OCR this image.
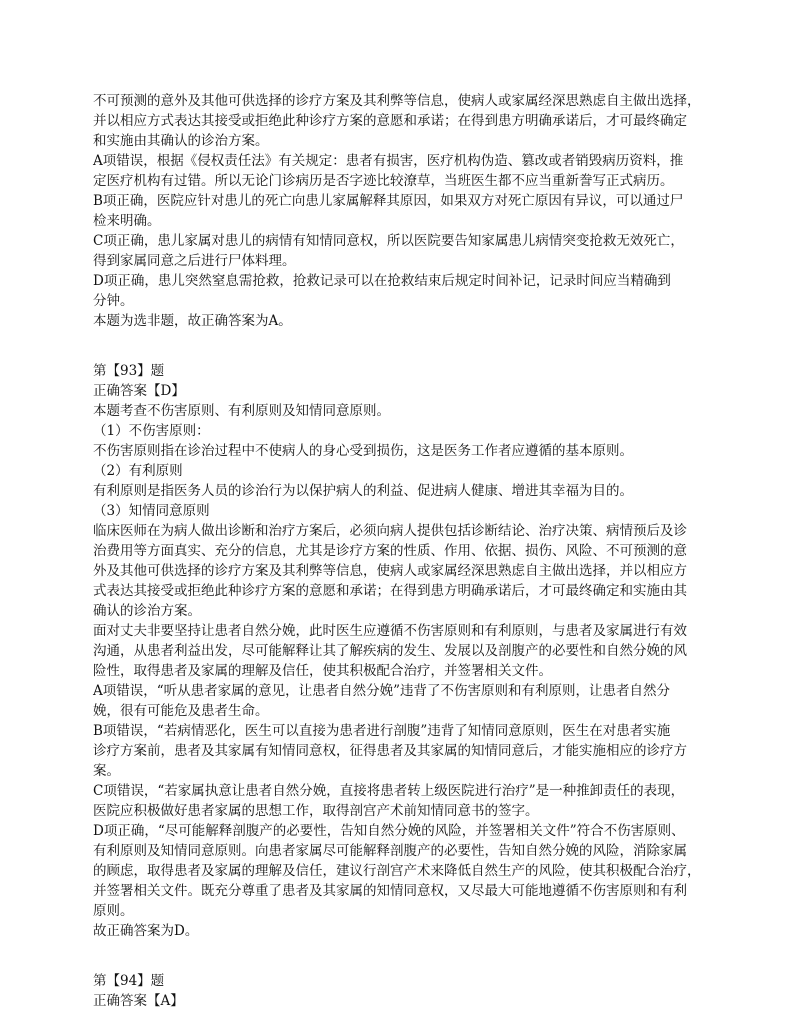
不可预测的意外及其他可供选择的诊疗方案及其利弊等信息，使病人或家属经深思熟虑自主做出选择，
并以相应方式表达其接受或拒绝此种诊疗方案的意愿和承诺；在得到患方明确承诺后，才可最终确定
和实施由其确认的诊治方案。
A项错误，根据《侵权责任法》有关规定：患者有损害，医疗机构伪造、篡改或者销毁病历资料，推
定医疗机构有过错。所以无论门诊病历是否字迹比较潦草，当班医生都不应当重新誊写正式病历。
B项正确，医院应针对患儿的死亡向患儿家属解释其原因，如果双方对死亡原因有异议，可以通过尸
检来明确。
C项正确，患儿家属对患儿的病情有知情同意权，所以医院要告知家属患儿病情突变抢救无效死亡，
得到家属同意之后进行尸体料理。
D项正确，患儿突然窒息需抢救，抢救记录可以在抢救结束后规定时间补记，记录时间应当精确到
分钟。
本题为选非题，故正确答案为A。
第【93】题
正确答案【D】
本题考查不伤害原则、有利原则及知情同意原则。
（1）不伤害原则：
不伤害原则指在诊治过程中不使病人的身心受到损伤，这是医务工作者应遵循的基本原则。
（2）有利原则
有利原则是指医务人员的诊治行为以保护病人的利益、促进病人健康、增进其幸福为目的。
（3）知情同意原则
临床医师在为病人做出诊断和治疗方案后，必须向病人提供包括诊断结论、治疗决策、病情预后及诊
治费用等方面真实、充分的信息，尤其是诊疗方案的性质、作用、依据、损伤、风险、不可预测的意
外及其他可供选择的诊疗方案及其利弊等信息，使病人或家属经深思熟虑自主做出选择，并以相应方
式表达其接受或拒绝此种诊疗方案的意愿和承诺；在得到患方明确承诺后，才可最终确定和实施由其
确认的诊治方案。
面对丈夫非要坚持让患者自然分娩，此时医生应遵循不伤害原则和有利原则，与患者及家属进行有效
沟通，从患者利益出发，尽可能解释让其了解疾病的发生、发展以及剖腹产的必要性和自然分娩的风
险性，取得患者及家属的理解及信任，使其积极配合治疗，并签署相关文件。
A项错误，“听从患者家属的意见，让患者自然分娩”违背了不伤害原则和有利原则，让患者自然分
娩，很有可能危及患者生命。
B项错误，“若病情恶化，医生可以直接为患者进行剖腹”违背了知情同意原则，医生在对患者实施
诊疗方案前，患者及其家属有知情同意权，征得患者及其家属的知情同意后，才能实施相应的诊疗方
案。
C项错误，“若家属执意让患者自然分娩，直接将患者转上级医院进行治疗”是一种推卸责任的表现，
医院应积极做好患者家属的思想工作，取得剖宫产术前知情同意书的签字。
D项正确，“尽可能解释剖腹产的必要性，告知自然分娩的风险，并签署相关文件”符合不伤害原则、
有利原则及知情同意原则。向患者家属尽可能解释剖腹产的必要性，告知自然分娩的风险，消除家属
的顾虑，取得患者及家属的理解及信任，建议行剖宫产术来降低自然生产的风险，使其积极配合治疗，
并签署相关文件。既充分尊重了患者及其家属的知情同意权，又尽最大可能地遵循不伤害原则和有利
原则。
故正确答案为D。
第【94】题
正确答案【A】
